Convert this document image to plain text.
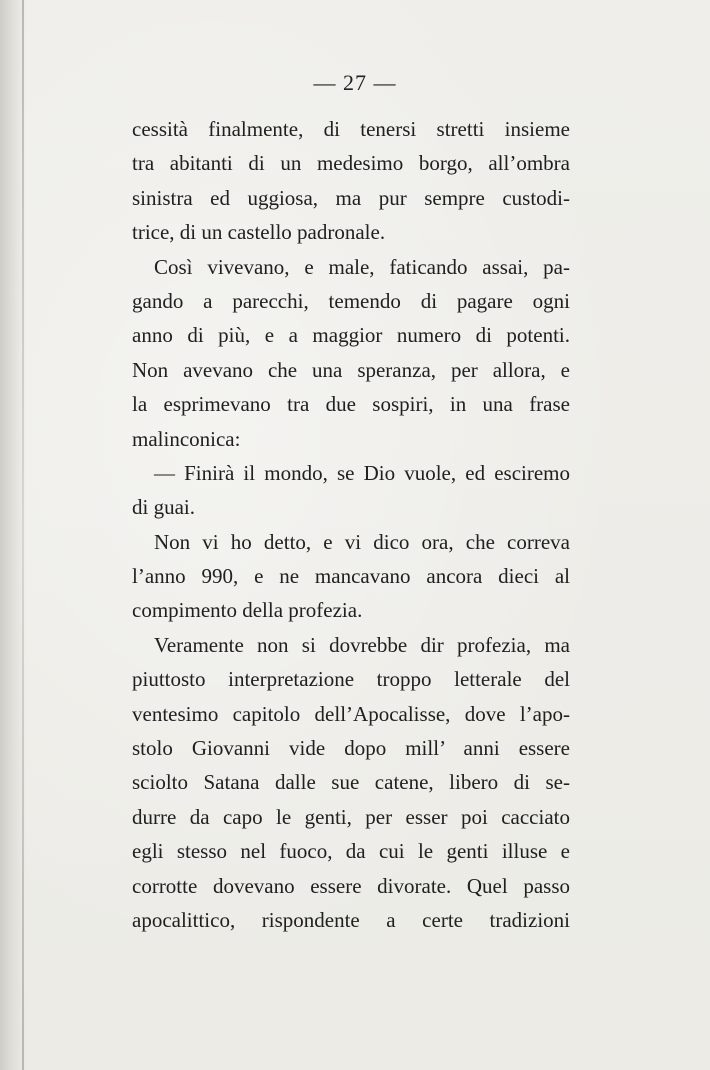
— 27 —
cessità finalmente, di tenersi stretti insieme
tra abitanti di un medesimo borgo, all’ombra
sinistra ed uggiosa, ma pur sempre custodi-
trice, di un castello padronale.
Così vivevano, e male, faticando assai, pa-
gando a parecchi, temendo di pagare ogni
anno di più, e a maggior numero di potenti.
Non avevano che una speranza, per allora, e
la esprimevano tra due sospiri, in una frase
malinconica:
— Finirà il mondo, se Dio vuole, ed esciremo
di guai.
Non vi ho detto, e vi dico ora, che correva
l’anno 990, e ne mancavano ancora dieci al
compimento della profezia.
Veramente non si dovrebbe dir profezia, ma
piuttosto interpretazione troppo letterale del
ventesimo capitolo dell’Apocalisse, dove l’apo-
stolo Giovanni vide dopo mill’ anni essere
sciolto Satana dalle sue catene, libero di se-
durre da capo le genti, per esser poi cacciato
egli stesso nel fuoco, da cui le genti illuse e
corrotte dovevano essere divorate. Quel passo
apocalittico, rispondente a certe tradizioni
